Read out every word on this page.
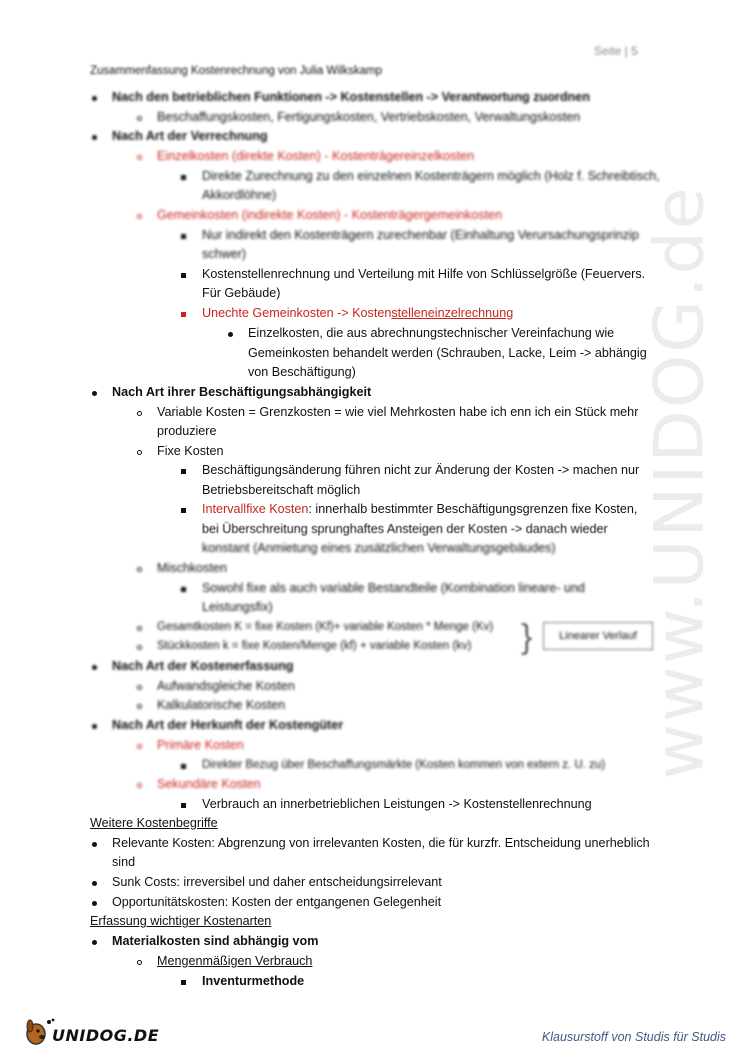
www.UNIDOG.de
Seite | 5
Zusammenfassung Kostenrechnung von Julia Wilkskamp
Nach den betrieblichen Funktionen -> Kostenstellen -> Verantwortung zuordnen
Beschaffungskosten, Fertigungskosten, Vertriebskosten, Verwaltungskosten
Nach Art der Verrechnung
Einzelkosten (direkte Kosten) - Kostenträgereinzelkosten
Direkte Zurechnung zu den einzelnen Kostenträgern möglich (Holz f. Schreibtisch,
Akkordlöhne)
Gemeinkosten (indirekte Kosten) - Kostenträgergemeinkosten
Nur indirekt den Kostenträgern zurechenbar (Einhaltung Verursachungsprinzip
schwer)
Kostenstellenrechnung und Verteilung mit Hilfe von Schlüsselgröße (Feuervers.
Für Gebäude)
Unechte Gemeinkosten -> Kostenstelleneinzelrechnung
Einzelkosten, die aus abrechnungstechnischer Vereinfachung wie
Gemeinkosten behandelt werden (Schrauben, Lacke, Leim -> abhängig
von Beschäftigung)
Nach Art ihrer Beschäftigungsabhängigkeit
Variable Kosten = Grenzkosten = wie viel Mehrkosten habe ich enn ich ein Stück mehr
produziere
Fixe Kosten
Beschäftigungsänderung führen nicht zur Änderung der Kosten -> machen nur
Betriebsbereitschaft möglich
Intervallfixe Kosten: innerhalb bestimmter Beschäftigungsgrenzen fixe Kosten,
bei Überschreitung sprunghaftes Ansteigen der Kosten -> danach wieder
konstant (Anmietung eines zusätzlichen Verwaltungsgebäudes)
Mischkosten
Sowohl fixe als auch variable Bestandteile (Kombination lineare- und
Leistungsfix)
Gesamtkosten K = fixe Kosten (Kf)+ variable Kosten * Menge (Kv)
Stückkosten k = fixe Kosten/Menge (kf) + variable Kosten (kv)
Nach Art der Kostenerfassung
Aufwandsgleiche Kosten
Kalkulatorische Kosten
Nach Art der Herkunft der Kostengüter
Primäre Kosten
Direkter Bezug über Beschaffungsmärkte (Kosten kommen von extern z. U. zu)
Sekundäre Kosten
}	Linearer Verlauf
Verbrauch an innerbetrieblichen Leistungen -> Kostenstellenrechnung
Weitere Kostenbegriffe
Relevante Kosten: Abgrenzung von irrelevanten Kosten, die für kurzfr. Entscheidung unerheblich
sind
Sunk Costs: irreversibel und daher entscheidungsirrelevant
Opportunitätskosten: Kosten der entgangenen Gelegenheit
Erfassung wichtiger Kostenarten
Materialkosten sind abhängig vom
Mengenmäßigen Verbrauch
Inventurmethode
UNIDOG.DE	Klausurstoff von Studis für Studis
